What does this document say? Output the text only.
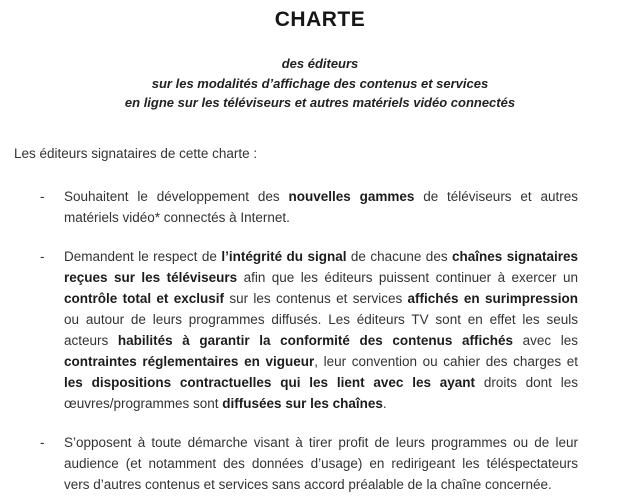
CHARTE
des éditeurs
sur les modalités d’affichage des contenus et services
en ligne sur les téléviseurs et autres matériels vidéo connectés

Les éditeurs signataires de cette charte :

-	Souhaitent le développement des nouvelles gammes de téléviseurs et autres matériels vidéo* connectés à Internet.
-	Demandent le respect de l’intégrité du signal de chacune des chaînes signataires reçues sur les téléviseurs afin que les éditeurs puissent continuer à exercer un contrôle total et exclusif sur les contenus et services affichés en surimpression ou autour de leurs programmes diffusés. Les éditeurs TV sont en effet les seuls acteurs habilités à garantir la conformité des contenus affichés avec les contraintes réglementaires en vigueur, leur convention ou cahier des charges et les dispositions contractuelles qui les lient avec les ayant droits dont les œuvres/programmes sont diffusées sur les chaînes.
-	S’opposent à toute démarche visant à tirer profit de leurs programmes ou de leur audience (et notamment des données d’usage) en redirigeant les téléspectateurs vers d’autres contenus et services sans accord préalable de la chaîne concernée.
